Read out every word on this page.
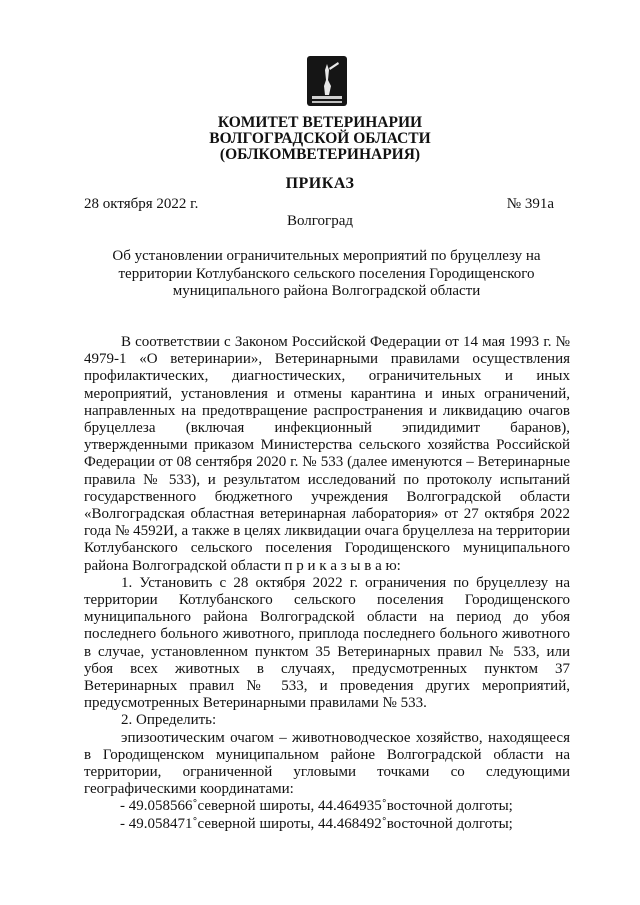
КОМИТЕТ ВЕТЕРИНАРИИ
ВОЛГОГРАДСКОЙ ОБЛАСТИ
(ОБЛКОМВЕТЕРИНАРИЯ)
ПРИКАЗ
28 октября 2022 г.	№ 391а
Волгоград
Об установлении ограничительных мероприятий по бруцеллезу на территории Котлубанского сельского поселения Городищенского муниципального района Волгоградской области

В соответствии с Законом Российской Федерации от 14 мая 1993 г. № 4979-1 «О ветеринарии», Ветеринарными правилами осуществления профилактических, диагностических, ограничительных и иных мероприятий, установления и отмены карантина и иных ограничений, направленных на предотвращение распространения и ликвидацию очагов бруцеллеза (включая инфекционный эпидидимит баранов), утвержденными приказом Министерства сельского хозяйства Российской Федерации от 08 сентября 2020 г. № 533 (далее именуются – Ветеринарные правила № 533), и результатом исследований по протоколу испытаний государственного бюджетного учреждения Волгоградской области «Волгоградская областная ветеринарная лаборатория» от 27 октября 2022 года № 4592И, а также в целях ликвидации очага бруцеллеза на территории Котлубанского сельского поселения Городищенского муниципального района Волгоградской области п р и к а з ы в а ю:

1. Установить с 28 октября 2022 г. ограничения по бруцеллезу на территории Котлубанского сельского поселения Городищенского муниципального района Волгоградской области на период до убоя последнего больного животного, приплода последнего больного животного в случае, установленном пунктом 35 Ветеринарных правил № 533, или убоя всех животных в случаях, предусмотренных пунктом 37 Ветеринарных правил № 533, и проведения других мероприятий, предусмотренных Ветеринарными правилами № 533.

2. Определить:

эпизоотическим очагом – животноводческое хозяйство, находящееся в Городищенском муниципальном районе Волгоградской области на территории, ограниченной угловыми точками со следующими географическими координатами:

- 49.058566˚северной широты, 44.464935˚восточной долготы;

- 49.058471˚северной широты, 44.468492˚восточной долготы;
